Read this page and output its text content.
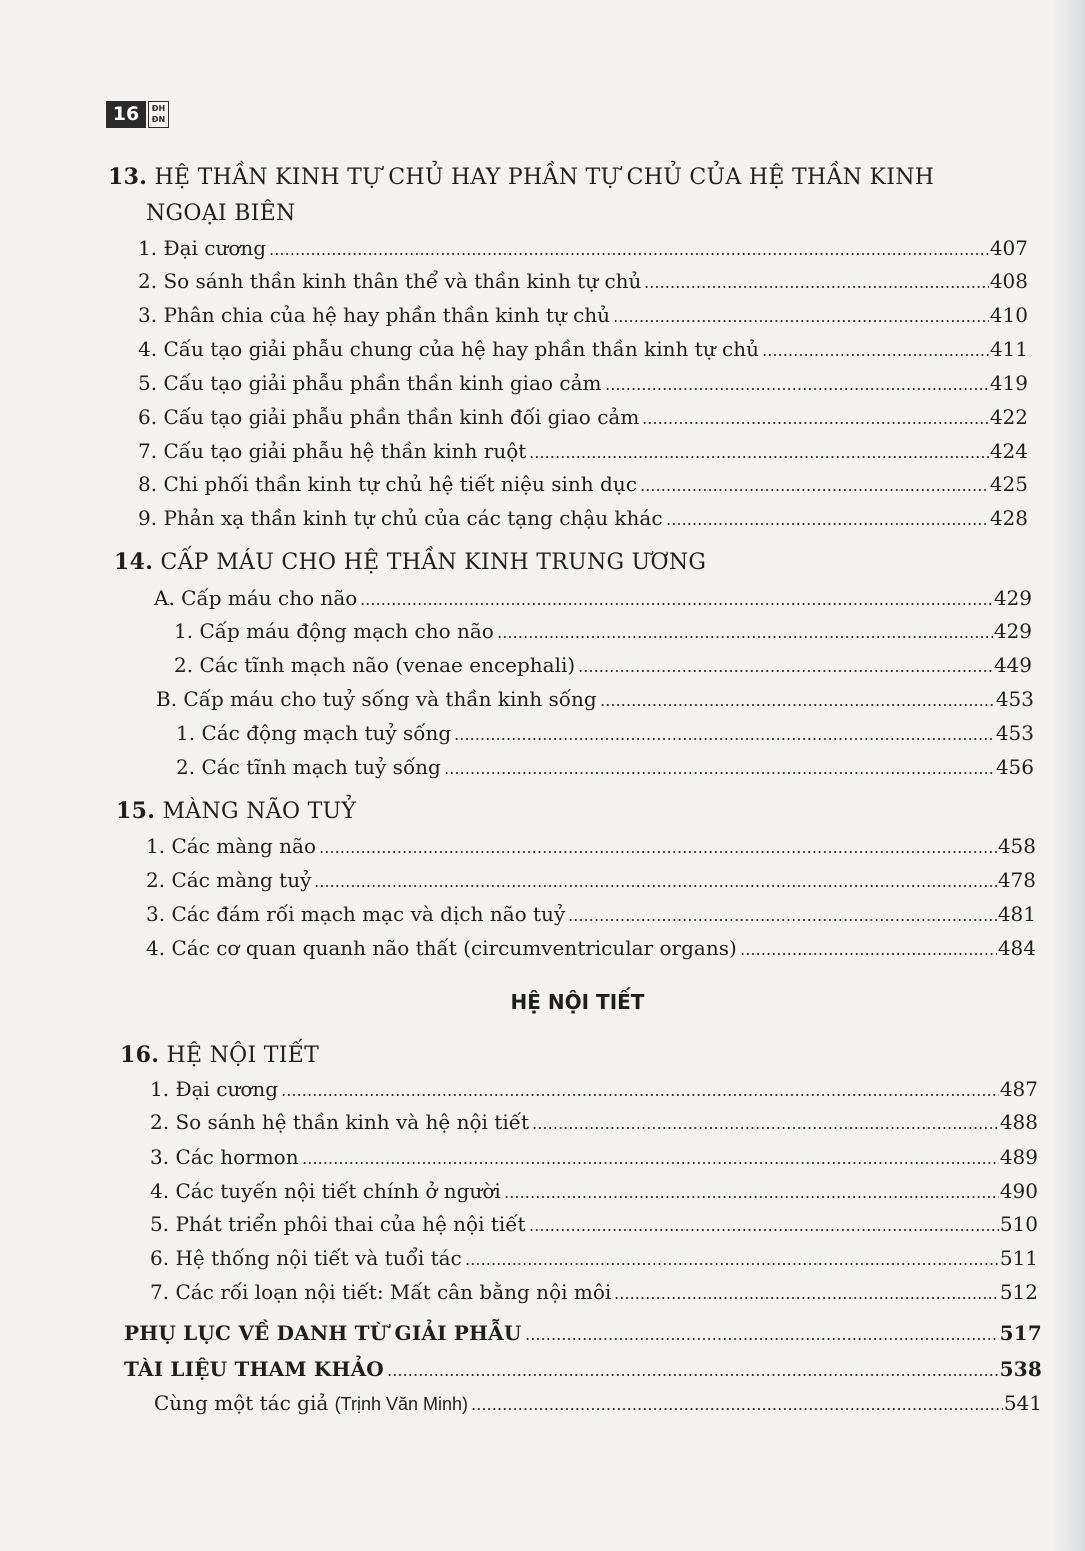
16	ĐH ĐN
13. HỆ THẦN KINH TỰ CHỦ HAY PHẦN TỰ CHỦ CỦA HỆ THẦN KINH
NGOẠI BIÊN
1. Đại cương	407
2. So sánh thần kinh thân thể và thần kinh tự chủ	408
3. Phân chia của hệ hay phần thần kinh tự chủ	410
4. Cấu tạo giải phẫu chung của hệ hay phần thần kinh tự chủ	411
5. Cấu tạo giải phẫu phần thần kinh giao cảm	419
6. Cấu tạo giải phẫu phần thần kinh đối giao cảm	422
7. Cấu tạo giải phẫu hệ thần kinh ruột	424
8. Chi phối thần kinh tự chủ hệ tiết niệu sinh dục	425
9. Phản xạ thần kinh tự chủ của các tạng chậu khác	428
14. CẤP MÁU CHO HỆ THẦN KINH TRUNG ƯƠNG
A. Cấp máu cho não	429
1. Cấp máu động mạch cho não	429
2. Các tĩnh mạch não (venae encephali)	449
B. Cấp máu cho tuỷ sống và thần kinh sống	453
1. Các động mạch tuỷ sống	453
2. Các tĩnh mạch tuỷ sống	456
15. MÀNG NÃO TUỶ
1. Các màng não	458
2. Các màng tuỷ	478
3. Các đám rối mạch mạc và dịch não tuỷ	481
4. Các cơ quan quanh não thất (circumventricular organs)	484
HỆ NỘI TIẾT
16. HỆ NỘI TIẾT
1. Đại cương	487
2. So sánh hệ thần kinh và hệ nội tiết	488
3. Các hormon	489
4. Các tuyến nội tiết chính ở người	490
5. Phát triển phôi thai của hệ nội tiết	510
6. Hệ thống nội tiết và tuổi tác	511
7. Các rối loạn nội tiết: Mất cân bằng nội môi	512
PHỤ LỤC VỀ DANH TỪ GIẢI PHẪU	517
TÀI LIỆU THAM KHẢO	538
Cùng một tác giả (Trịnh Văn Minh)	541
